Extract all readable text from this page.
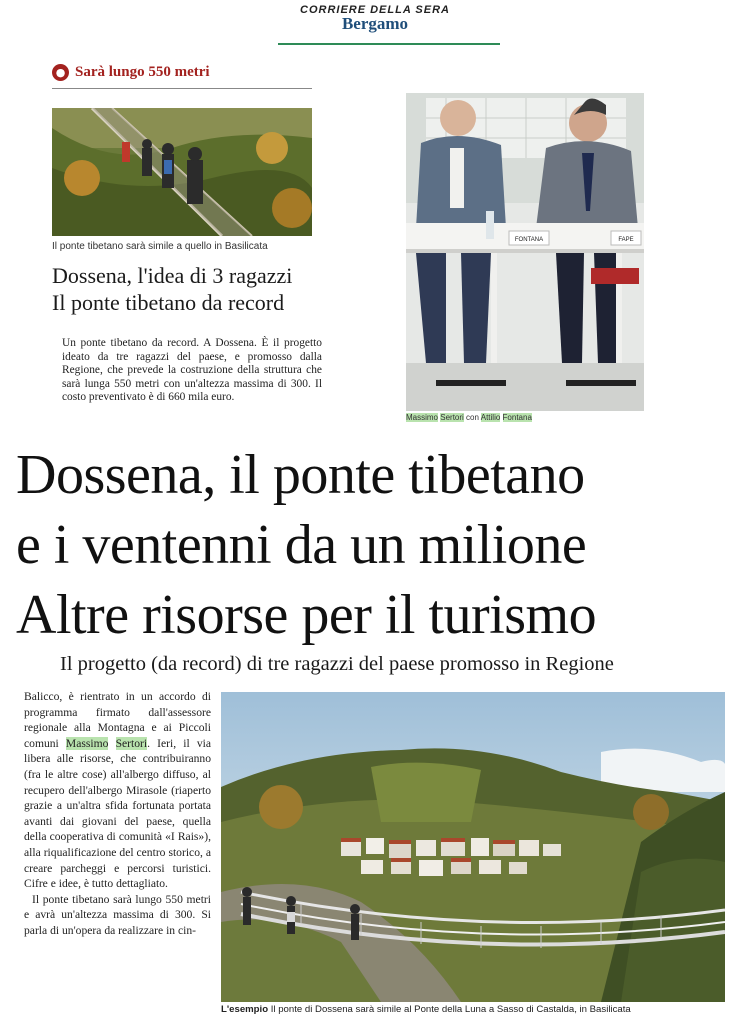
CORRIERE DELLA SERA
Bergamo
● Sarà lungo 550 metri
Il ponte tibetano sarà simile a quello in Basilicata
Dossena, l'idea di 3 ragazzi
Il ponte tibetano da record
Un ponte tibetano da record. A Dossena. È il progetto ideato da tre ragazzi del paese, e promosso dalla Regione, che prevede la costruzione della struttura che sarà lunga 550 metri con un'altezza massima di 300. Il costo preventivato è di 660 mila euro.
FONTANA	FAPE
Massimo Sertori con Attilio Fontana
Dossena, il ponte tibetano
e i ventenni da un milione
Altre risorse per il turismo
Il progetto (da record) di tre ragazzi del paese promosso in Regione

Balicco, è rientrato in un accordo di programma firmato dall'assessore regionale alla Montagna e ai Piccoli comuni Massimo Sertori. Ieri, il via libera alle risorse, che contribuiranno (fra le altre cose) all'albergo diffuso, al recupero dell'albergo Mirasole (riaperto grazie a un'altra sfida fortunata portata avanti dai giovani del paese, quella della cooperativa di comunità «I Rais»), alla riqualificazione del centro storico, a creare parcheggi e percorsi turistici. Cifre e idee, è tutto dettagliato.

Il ponte tibetano sarà lungo 550 metri e avrà un'altezza massima di 300. Si parla di un'opera da realizzare in cin-

L'esempio Il ponte di Dossena sarà simile al Ponte della Luna a Sasso di Castalda, in Basilicata
